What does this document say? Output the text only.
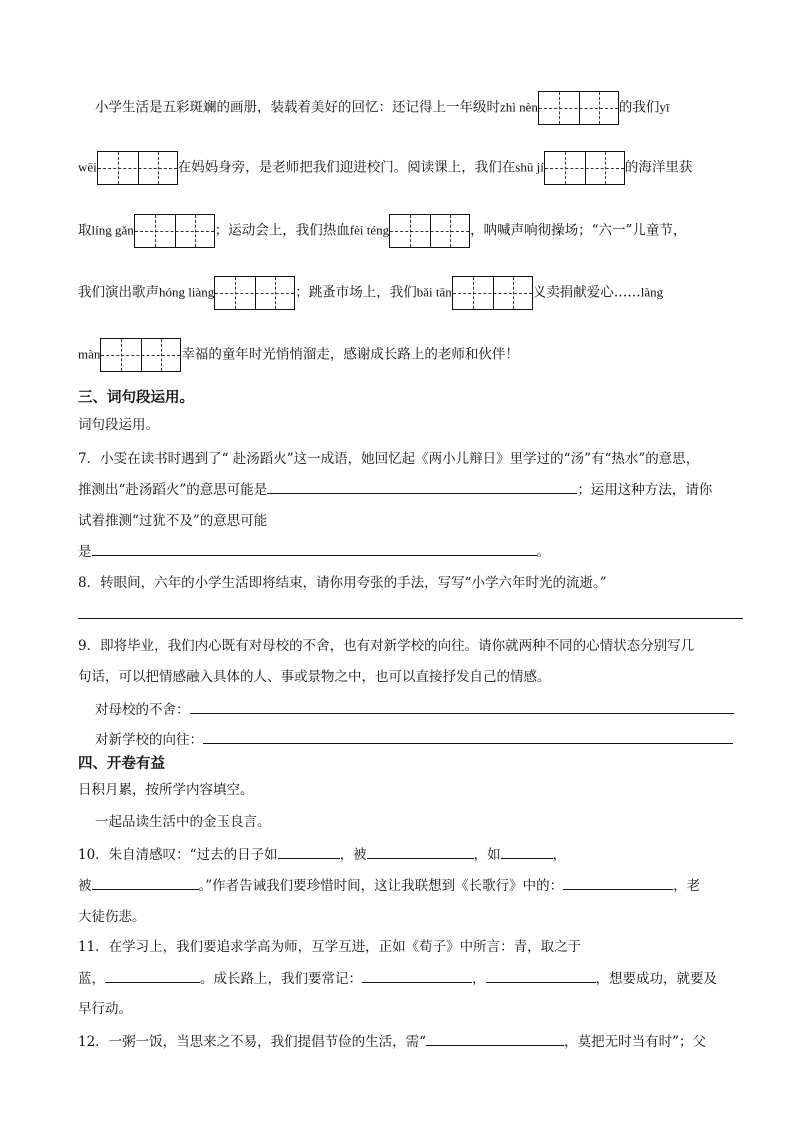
小学生活是五彩斑斓的画册，装载着美好的回忆：还记得上一年级时zhì nèn	的我们yī
wēi	在妈妈身旁，是老师把我们迎进校门。阅读课上，我们在shū jí	的海洋里获
取líng gǎn	；运动会上，我们热血fèi téng	，呐喊声响彻操场；“六一”儿童节，
我们演出歌声hóng liàng	；跳蚤市场上，我们bǎi tān	义卖捐献爱心……làng
màn	幸福的童年时光悄悄溜走，感谢成长路上的老师和伙伴！
三、词句段运用。
词句段运用。
7．小雯在读书时遇到了“ 赴汤蹈火”这一成语，她回忆起《两小儿辩日》里学过的“汤”有“热水”的意思，
推测出“赴汤蹈火”的意思可能是	；运用这种方法，请你
试着推测“过犹不及”的意思可能
是	。
8．转眼间，六年的小学生活即将结束，请你用夸张的手法，写写“小学六年时光的流逝。”
9．即将毕业，我们内心既有对母校的不舍，也有对新学校的向往。请你就两种不同的心情状态分别写几
句话，可以把情感融入具体的人、事或景物之中，也可以直接抒发自己的情感。
对母校的不舍：
对新学校的向往：
四、开卷有益
日积月累，按所学内容填空。
一起品读生活中的金玉良言。
10．朱自清感叹：“过去的日子如	，被	，如	，
被	。”作者告诫我们要珍惜时间，这让我联想到《长歌行》中的：	，老
大徒伤悲。
11．在学习上，我们要追求学高为师，互学互进，正如《荀子》中所言：青，取之于
蓝，	。成长路上，我们要常记：	，	，想要成功，就要及
早行动。
12．一粥一饭，当思来之不易，我们提倡节俭的生活，需“	，莫把无时当有时”；父
